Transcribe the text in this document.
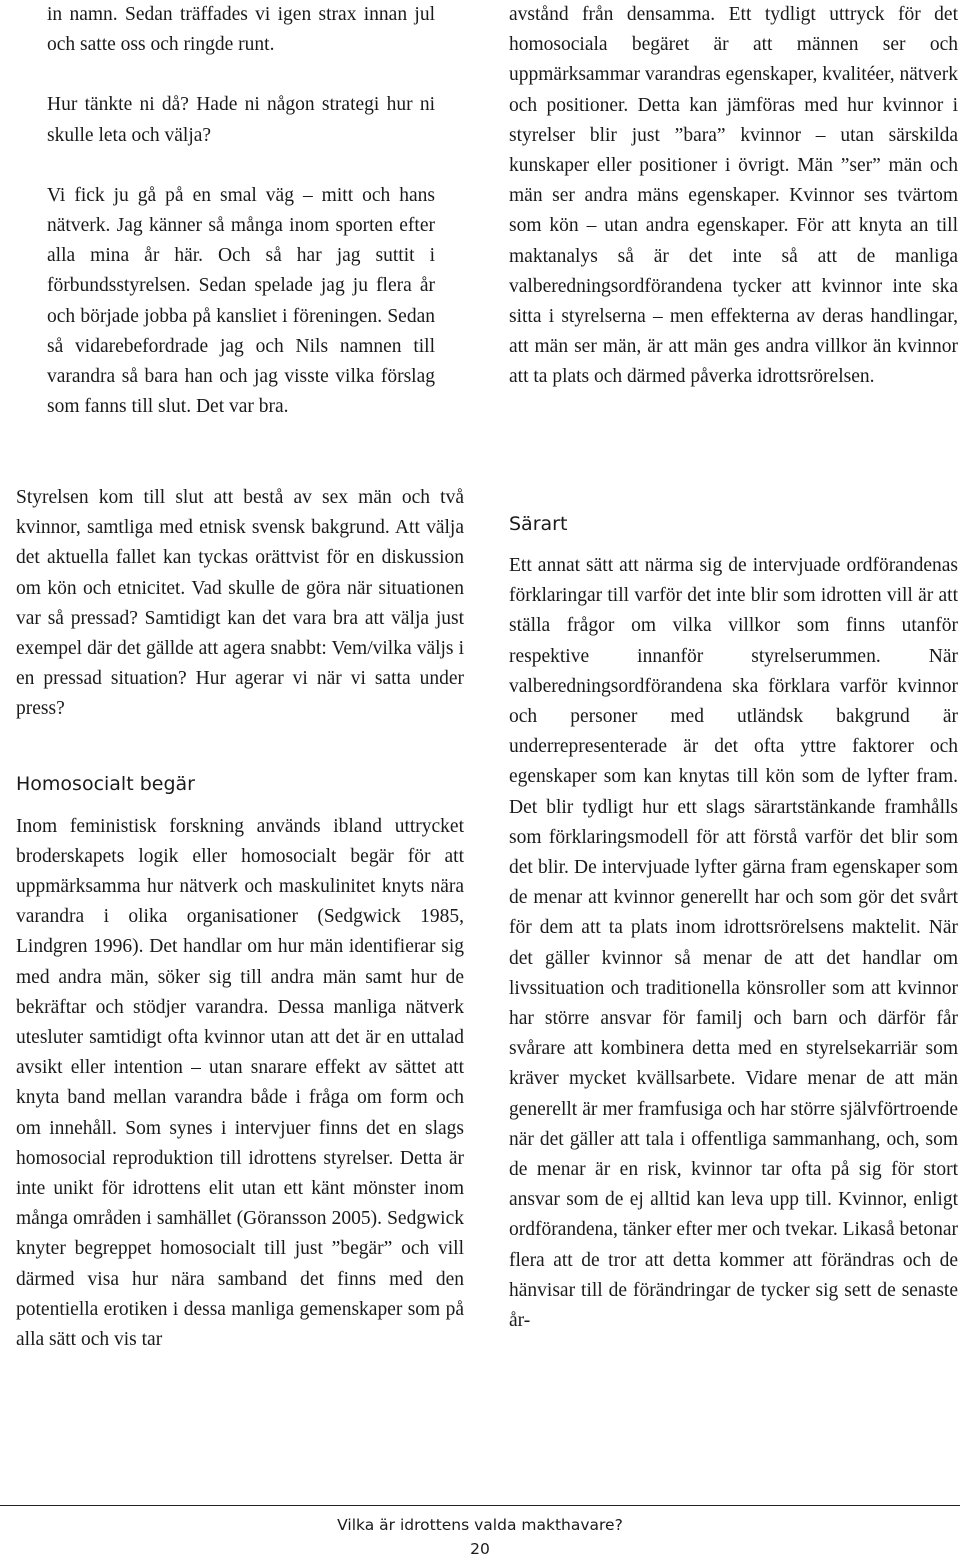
in namn. Sedan träffades vi igen strax innan jul och satte oss och ringde runt.

Hur tänkte ni då? Hade ni någon strategi hur ni skulle leta och välja?

Vi fick ju gå på en smal väg – mitt och hans nätverk. Jag känner så många inom sporten efter alla mina år här. Och så har jag suttit i förbundsstyrelsen. Sedan spelade jag ju flera år och började jobba på kansliet i föreningen. Sedan så vidarebefordrade jag och Nils namnen till varandra så bara han och jag visste vilka förslag som fanns till slut. Det var bra.

Styrelsen kom till slut att bestå av sex män och två kvinnor, samtliga med etnisk svensk bakgrund. Att välja det aktuella fallet kan tyckas orättvist för en diskussion om kön och etnicitet. Vad skulle de göra när situationen var så pressad? Samtidigt kan det vara bra att välja just exempel där det gällde att agera snabbt: Vem/vilka väljs i en pressad situation? Hur agerar vi när vi satta under press?

Homosocialt begär

Inom feministisk forskning används ibland uttrycket broderskapets logik eller homosocialt begär för att uppmärksamma hur nätverk och maskulinitet knyts nära varandra i olika organisationer (Sedgwick 1985, Lindgren 1996). Det handlar om hur män identifierar sig med andra män, söker sig till andra män samt hur de bekräftar och stödjer varandra. Dessa manliga nätverk utesluter samtidigt ofta kvinnor utan att det är en uttalad avsikt eller intention – utan snarare effekt av sättet att knyta band mellan varandra både i fråga om form och om innehåll. Som synes i intervjuer finns det en slags homosocial reproduktion till idrottens styrelser. Detta är inte unikt för idrottens elit utan ett känt mönster inom många områden i samhället (Göransson 2005). Sedgwick knyter begreppet homosocialt till just ”begär” och vill därmed visa hur nära samband det finns med den potentiella erotiken i dessa manliga gemenskaper som på alla sätt och vis tar

avstånd från densamma. Ett tydligt uttryck för det homosociala begäret är att männen ser och uppmärksammar varandras egenskaper, kvalitéer, nätverk och positioner. Detta kan jämföras med hur kvinnor i styrelser blir just ”bara” kvinnor – utan särskilda kunskaper eller positioner i övrigt. Män ”ser” män och män ser andra mäns egenskaper. Kvinnor ses tvärtom som kön – utan andra egenskaper. För att knyta an till maktanalys så är det inte så att de manliga valberedningsordförandena tycker att kvinnor inte ska sitta i styrelserna – men effekterna av deras handlingar, att män ser män, är att män ges andra villkor än kvinnor att ta plats och därmed påverka idrottsrörelsen.

Särart

Ett annat sätt att närma sig de intervjuade ordförandenas förklaringar till varför det inte blir som idrotten vill är att ställa frågor om vilka villkor som finns utanför respektive innanför styrelserummen. När valberedningsordförandena ska förklara varför kvinnor och personer med utländsk bakgrund är underrepresenterade är det ofta yttre faktorer och egenskaper som kan knytas till kön som de lyfter fram. Det blir tydligt hur ett slags särartstänkande framhålls som förklaringsmodell för att förstå varför det blir som det blir. De intervjuade lyfter gärna fram egenskaper som de menar att kvinnor generellt har och som gör det svårt för dem att ta plats inom idrottsrörelsens maktelit. När det gäller kvinnor så menar de att det handlar om livssituation och traditionella könsroller som att kvinnor har större ansvar för familj och barn och därför får svårare att kombinera detta med en styrelsekarriär som kräver mycket kvällsarbete. Vidare menar de att män generellt är mer framfusiga och har större självförtroende när det gäller att tala i offentliga sammanhang, och, som de menar är en risk, kvinnor tar ofta på sig för stort ansvar som de ej alltid kan leva upp till. Kvinnor, enligt ordförandena, tänker efter mer och tvekar. Likaså betonar flera att de tror att detta kommer att förändras och de hänvisar till de förändringar de tycker sig sett de senaste år-

Vilka är idrottens valda makthavare?
20
